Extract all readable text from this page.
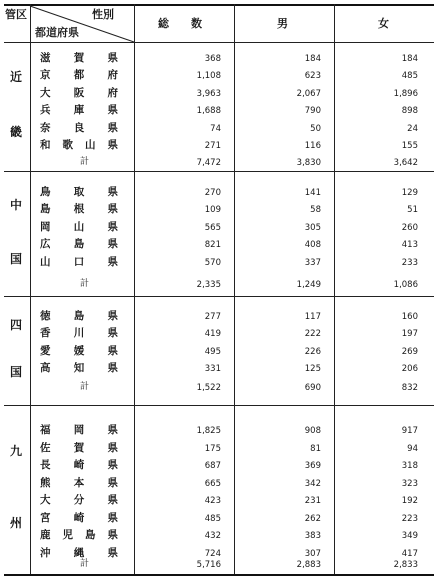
管区	性別
都道府県
総　　数	男	女
近
畿
滋 賀 県	368	184	184
京 都 府	1,108	623	485
大 阪 府	3,963	2,067	1,896
兵 庫 県	1,688	790	898
奈 良 県	74	50	24
和 歌 山 県	271	116	155
計	7,472	3,830	3,642
中
国
鳥 取 県	270	141	129
島 根 県	109	58	51
岡 山 県	565	305	260
広 島 県	821	408	413
山 口 県	570	337	233
計	2,335	1,249	1,086
四
国
徳 島 県	277	117	160
香 川 県	419	222	197
愛 媛 県	495	226	269
高 知 県	331	125	206
計	1,522	690	832
九
州
福 岡 県	1,825	908	917
佐 賀 県	175	81	94
長 崎 県	687	369	318
熊 本 県	665	342	323
大 分 県	423	231	192
宮 崎 県	485	262	223
鹿 児 島 県	432	383	349
沖 縄 県	724	307	417
計	5,716	2,883	2,833
